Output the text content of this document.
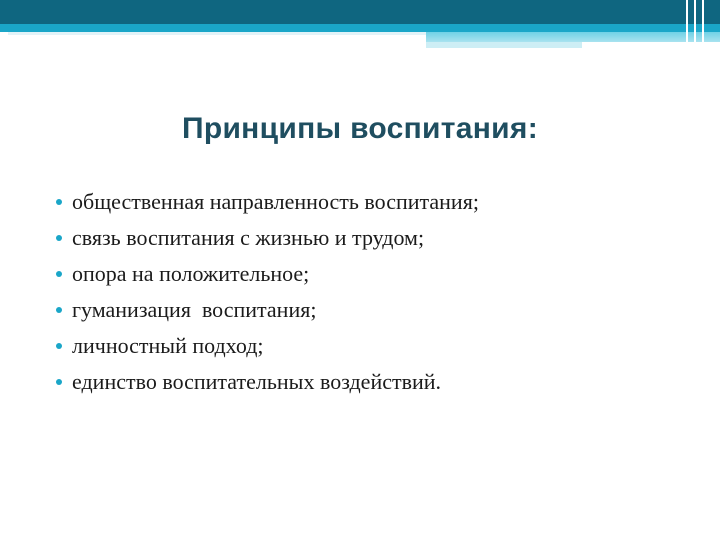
Принципы воспитания:
общественная направленность воспитания;
связь воспитания с жизнью и трудом;
опора на положительное;
гуманизация  воспитания;
личностный подход;
единство воспитательных воздействий.
